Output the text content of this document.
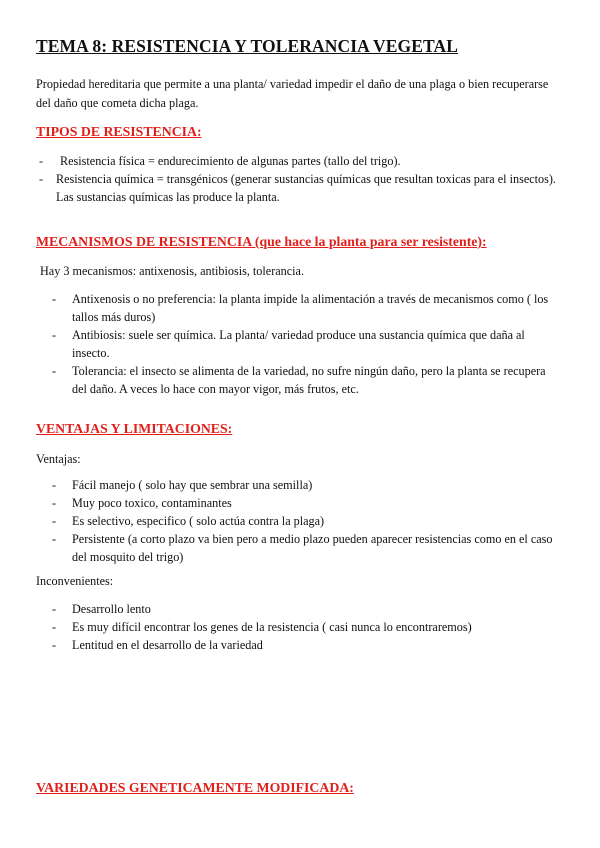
TEMA 8: RESISTENCIA Y TOLERANCIA VEGETAL

Propiedad hereditaria que permite a una planta/ variedad impedir el daño de una plaga o bien recuperarse del daño que cometa dicha plaga.

TIPOS DE RESISTENCIA:
- Resistencia física = endurecimiento de algunas partes (tallo del trigo).
- Resistencia química = transgénicos (generar sustancias químicas que resultan toxicas para el insectos). Las sustancias químicas las produce la planta.
MECANISMOS DE RESISTENCIA (que hace la planta para ser resistente):

Hay 3 mecanismos: antixenosis, antibiosis, tolerancia.

- Antixenosis o no preferencia: la planta impide la alimentación a través de mecanismos como ( los tallos más duros)
- Antibiosis: suele ser química. La planta/ variedad produce una sustancia química que daña al insecto.
- Tolerancia: el insecto se alimenta de la variedad, no sufre ningún daño, pero la planta se recupera del daño. A veces lo hace con mayor vigor, más frutos, etc.
VENTAJAS Y LIMITACIONES:

Ventajas:

- Fácil manejo ( solo hay que sembrar una semilla)
- Muy poco toxico, contaminantes
- Es selectivo, especifico ( solo actúa contra la plaga)
- Persistente (a corto plazo va bien pero a medio plazo pueden aparecer resistencias como en el caso del mosquito del trigo)

Inconvenientes:

- Desarrollo lento
- Es muy difícil encontrar los genes de la resistencia ( casi nunca lo encontraremos)
- Lentitud en el desarrollo de la variedad
VARIEDADES GENETICAMENTE MODIFICADA:
